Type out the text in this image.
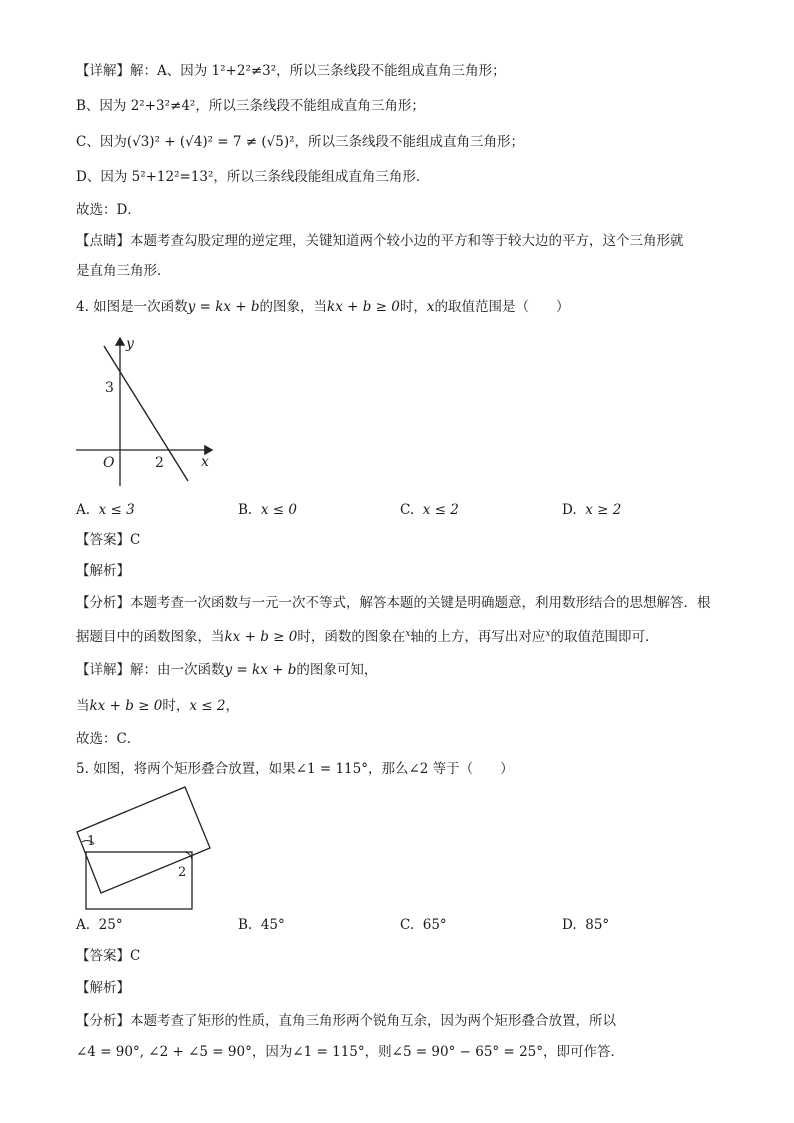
【详解】解：A、因为 1²+2²≠3²，所以三条线段不能组成直角三角形；
B、因为 2²+3²≠4²，所以三条线段不能组成直角三角形；
C、因为(√3)² + (√4)² = 7 ≠ (√5)²，所以三条线段不能组成直角三角形；
D、因为 5²+12²=13²，所以三条线段能组成直角三角形．
故选：D．
【点睛】本题考查勾股定理的逆定理，关键知道两个较小边的平方和等于较大边的平方，这个三角形就
是直角三角形．
4. 如图是一次函数y = kx + b的图象，当kx + b ≥ 0时，x的取值范围是（　　）
y
x
O
3
2
A. x ≤ 3	B. x ≤ 0	C. x ≤ 2	D. x ≥ 2
【答案】C
【解析】
【分析】本题考查一次函数与一元一次不等式，解答本题的关键是明确题意，利用数形结合的思想解答．根
据题目中的函数图象，当kx + b ≥ 0时，函数的图象在$^x$轴的上方，再写出对应$^x$的取值范围即可．
【详解】解：由一次函数y = kx + b的图象可知，
当kx + b ≥ 0时，x ≤ 2，
故选：C．
5. 如图，将两个矩形叠合放置，如果∠1 = 115°，那么∠2 等于（　　）
1
2
A. 25°	B. 45°	C. 65°	D. 85°
【答案】C
【解析】
【分析】本题考查了矩形的性质，直角三角形两个锐角互余，因为两个矩形叠合放置，所以
∠4 = 90°, ∠2 + ∠5 = 90°，因为∠1 = 115°，则∠5 = 90° − 65° = 25°，即可作答．
